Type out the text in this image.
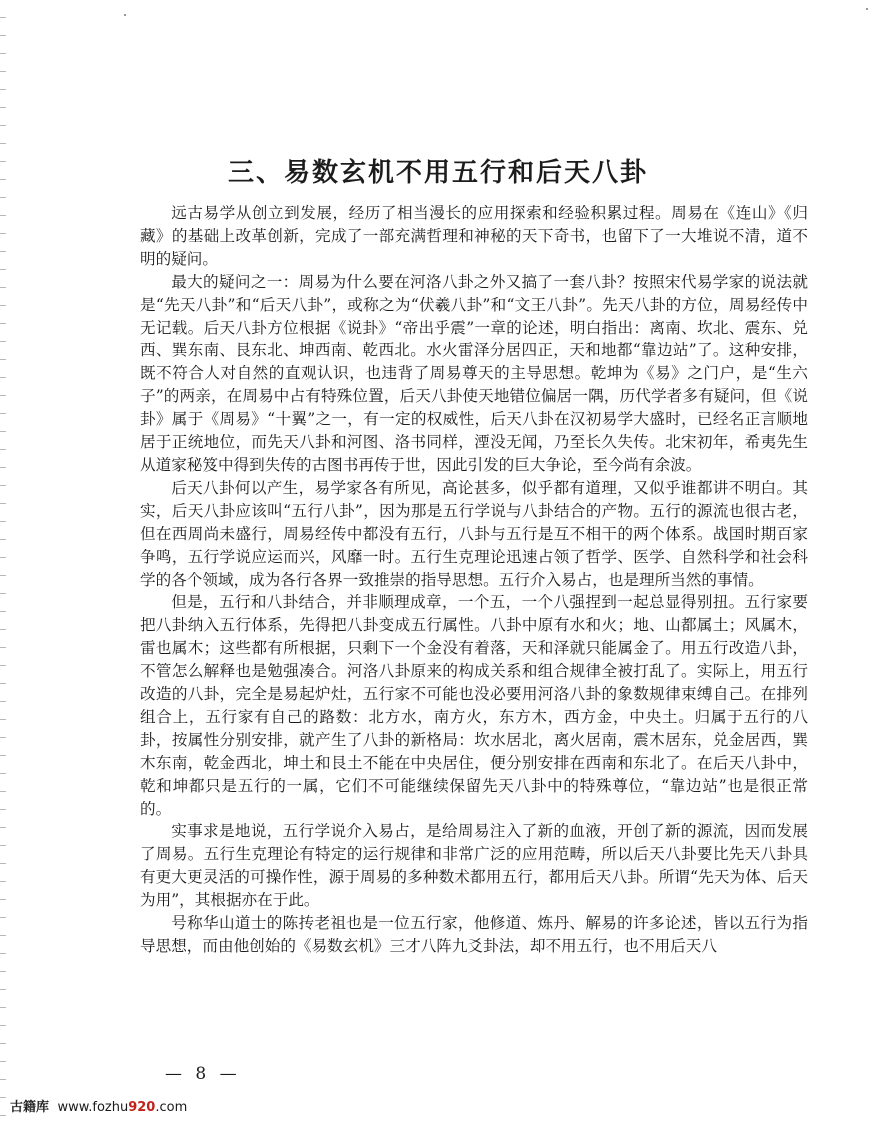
三、易数玄机不用五行和后天八卦

远古易学从创立到发展，经历了相当漫长的应用探索和经验积累过程。周易在《连山》《归藏》的基础上改革创新，完成了一部充满哲理和神秘的天下奇书，也留下了一大堆说不清，道不明的疑问。

最大的疑问之一：周易为什么要在河洛八卦之外又搞了一套八卦？按照宋代易学家的说法就是“先天八卦”和“后天八卦”，或称之为“伏羲八卦”和“文王八卦”。先天八卦的方位，周易经传中无记载。后天八卦方位根据《说卦》“帝出乎震”一章的论述，明白指出：离南、坎北、震东、兑西、巽东南、艮东北、坤西南、乾西北。水火雷泽分居四正，天和地都“靠边站”了。这种安排，既不符合人对自然的直观认识，也违背了周易尊天的主导思想。乾坤为《易》之门户，是“生六子”的两亲，在周易中占有特殊位置，后天八卦使天地错位偏居一隅，历代学者多有疑问，但《说卦》属于《周易》“十翼”之一，有一定的权威性，后天八卦在汉初易学大盛时，已经名正言顺地居于正统地位，而先天八卦和河图、洛书同样，湮没无闻，乃至长久失传。北宋初年，希夷先生从道家秘笈中得到失传的古图书再传于世，因此引发的巨大争论，至今尚有余波。

后天八卦何以产生，易学家各有所见，高论甚多，似乎都有道理，又似乎谁都讲不明白。其实，后天八卦应该叫“五行八卦”，因为那是五行学说与八卦结合的产物。五行的源流也很古老，但在西周尚未盛行，周易经传中都没有五行，八卦与五行是互不相干的两个体系。战国时期百家争鸣，五行学说应运而兴，风靡一时。五行生克理论迅速占领了哲学、医学、自然科学和社会科学的各个领域，成为各行各界一致推崇的指导思想。五行介入易占，也是理所当然的事情。

但是，五行和八卦结合，并非顺理成章，一个五，一个八强捏到一起总显得别扭。五行家要把八卦纳入五行体系，先得把八卦变成五行属性。八卦中原有水和火；地、山都属土；风属木，雷也属木；这些都有所根据，只剩下一个金没有着落，天和泽就只能属金了。用五行改造八卦，不管怎么解释也是勉强凑合。河洛八卦原来的构成关系和组合规律全被打乱了。实际上，用五行改造的八卦，完全是易起炉灶，五行家不可能也没必要用河洛八卦的象数规律束缚自己。在排列组合上，五行家有自己的路数：北方水，南方火，东方木，西方金，中央土。归属于五行的八卦，按属性分别安排，就产生了八卦的新格局：坎水居北，离火居南，震木居东，兑金居西，巽木东南，乾金西北，坤土和艮土不能在中央居住，便分别安排在西南和东北了。在后天八卦中，乾和坤都只是五行的一属，它们不可能继续保留先天八卦中的特殊尊位，“靠边站”也是很正常的。

实事求是地说，五行学说介入易占，是给周易注入了新的血液，开创了新的源流，因而发展了周易。五行生克理论有特定的运行规律和非常广泛的应用范畴，所以后天八卦要比先天八卦具有更大更灵活的可操作性，源于周易的多种数术都用五行，都用后天八卦。所谓“先天为体、后天为用”，其根据亦在于此。

号称华山道士的陈抟老祖也是一位五行家，他修道、炼丹、解易的许多论述，皆以五行为指导思想，而由他创始的《易数玄机》三才八阵九爻卦法，却不用五行，也不用后天八

— 8 —
古籍库 www.fozhu920.com
